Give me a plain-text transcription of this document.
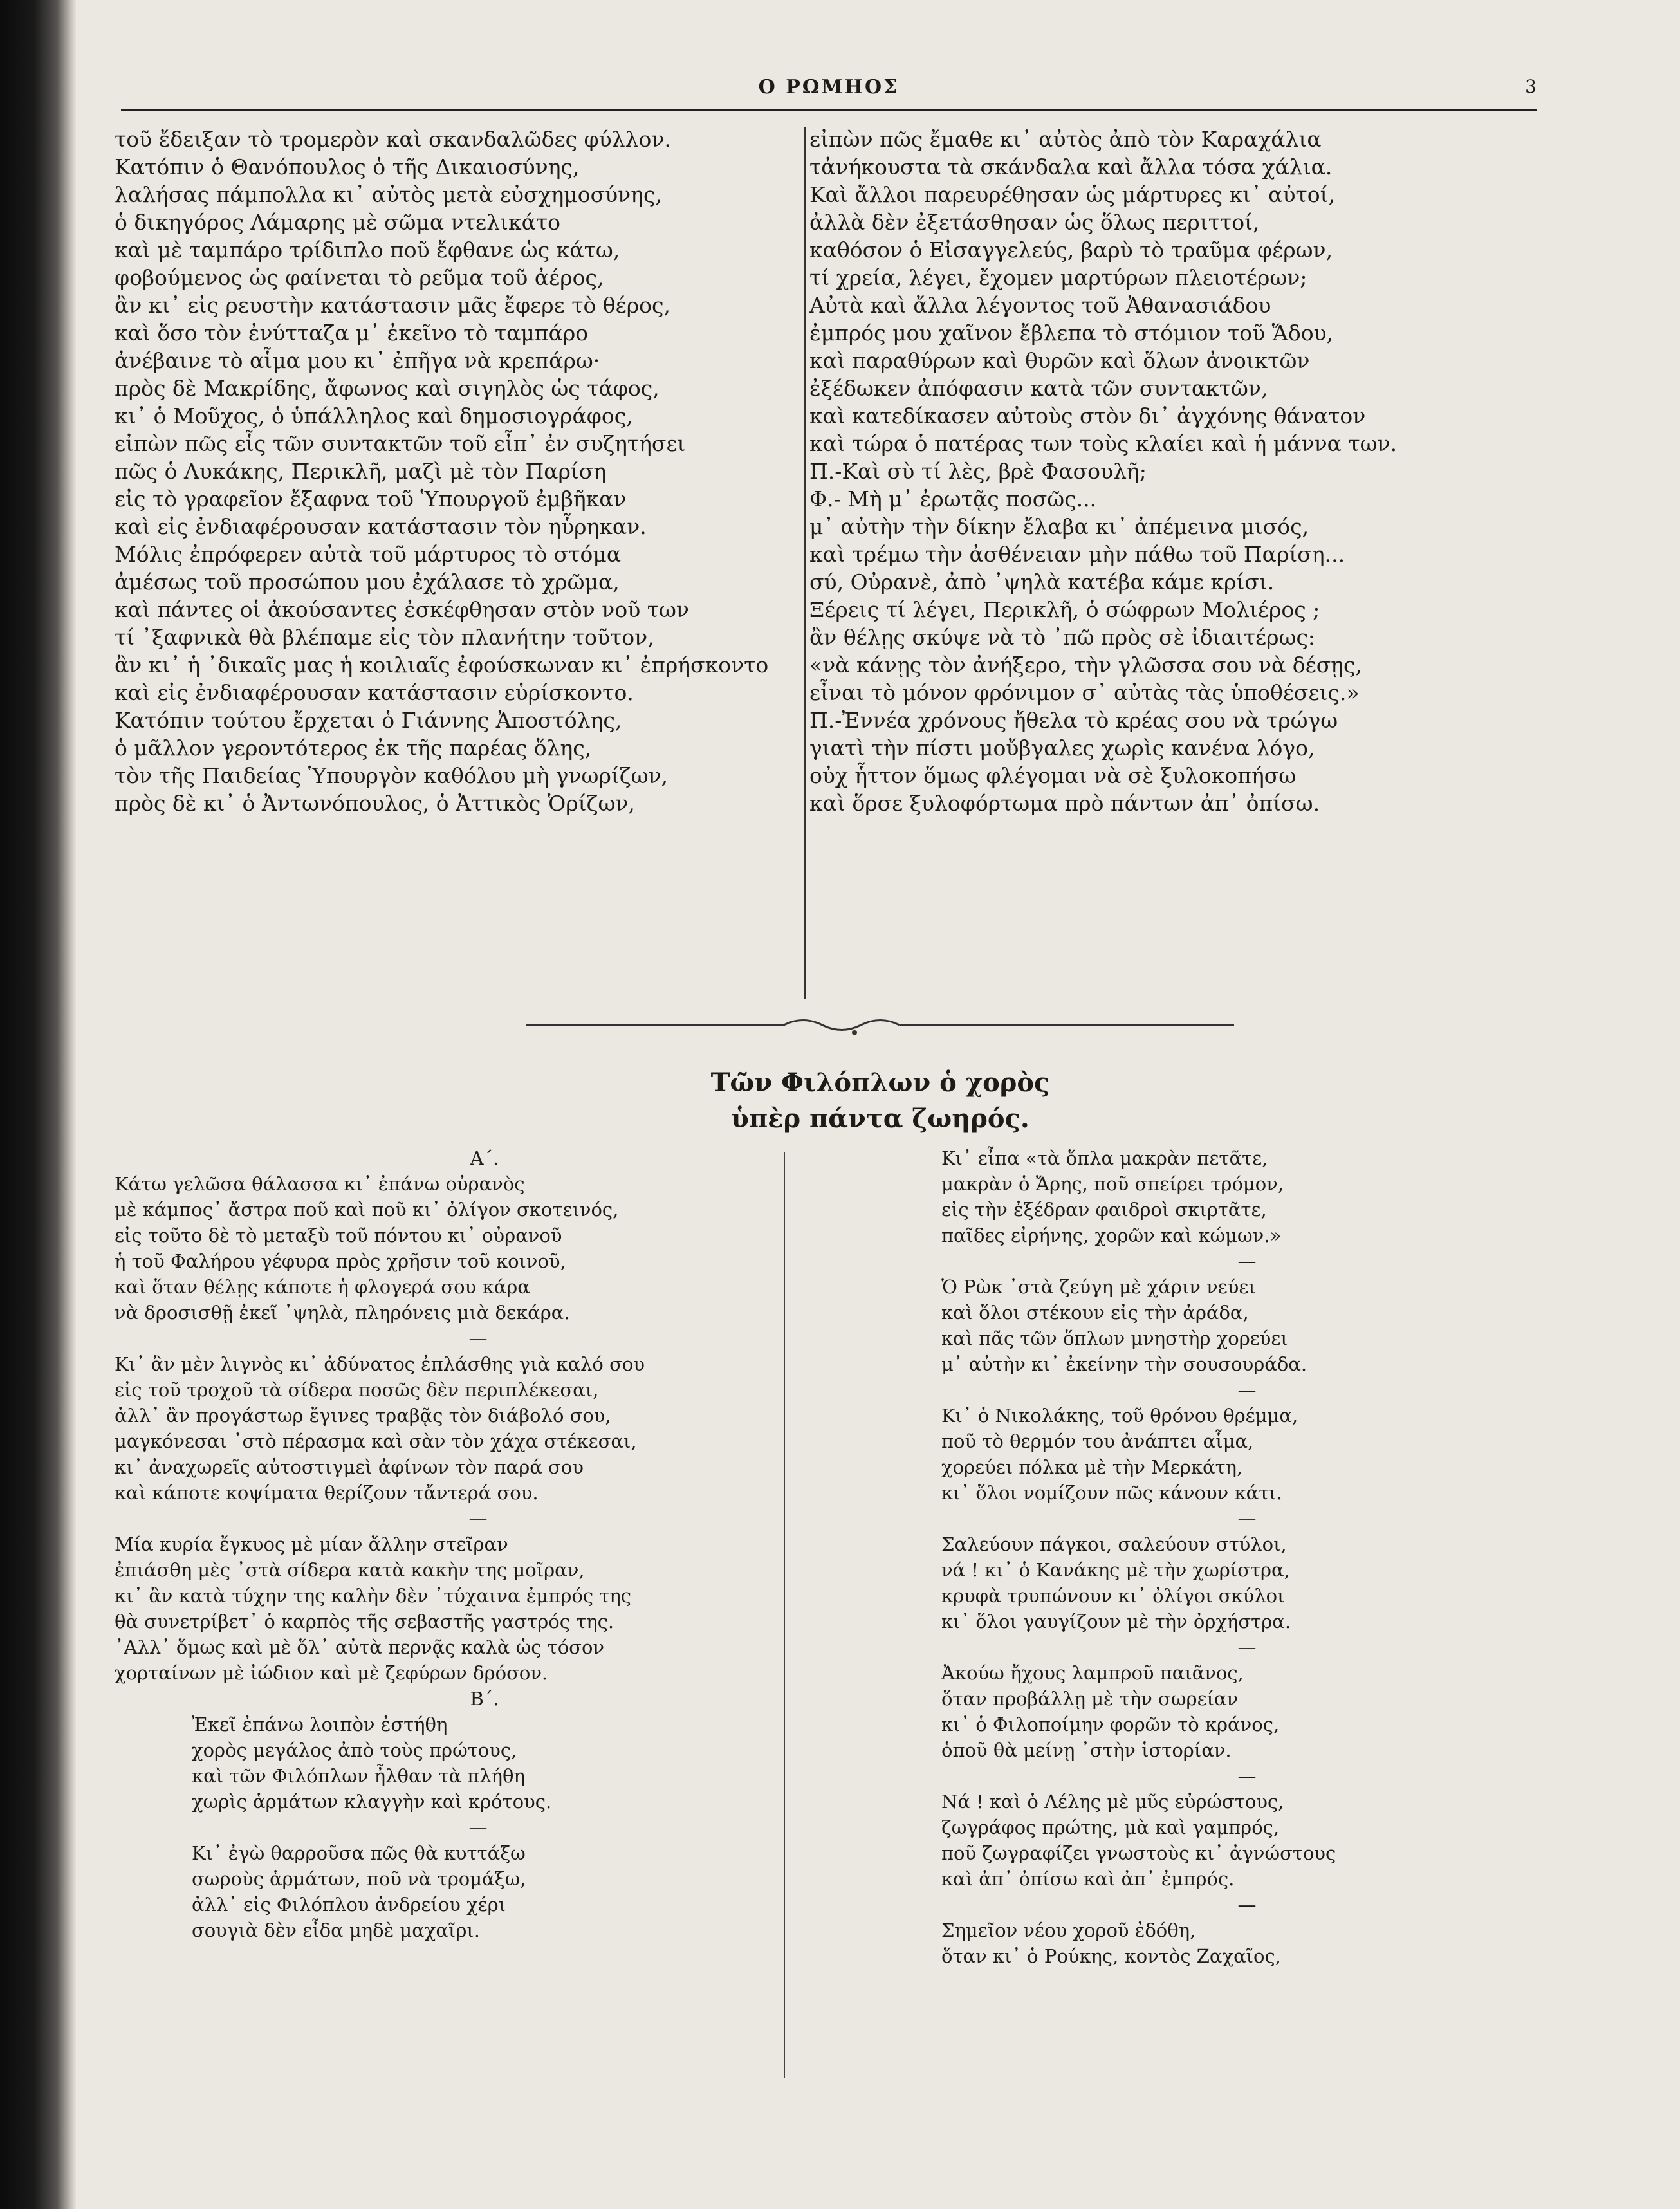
Ο ΡΩΜΗΟΣ	3
τοῦ ἔδειξαν τὸ τρομερὸν καὶ σκανδαλῶδες φύλλον.
Κατόπιν ὁ Θανόπουλος ὁ τῆς Δικαιοσύνης,
λαλήσας πάμπολλα κι᾽ αὐτὸς μετὰ εὐσχημοσύνης,
ὁ δικηγόρος Λάμαρης μὲ σῶμα ντελικάτο
καὶ μὲ ταμπάρο τρίδιπλο ποῦ ἔφθανε ὡς κάτω,
φοβούμενος ὡς φαίνεται τὸ ρεῦμα τοῦ ἀέρος,
ἂν κι᾽ εἰς ρευστὴν κατάστασιν μᾶς ἔφερε τὸ θέρος,
καὶ ὅσο τὸν ἐνύτταζα μ᾽ ἐκεῖνο τὸ ταμπάρο
ἀνέβαινε τὸ αἷμα μου κι᾽ ἐπῆγα νὰ κρεπάρω·
πρὸς δὲ Μακρίδης, ἄφωνος καὶ σιγηλὸς ὡς τάφος,
κι᾽ ὁ Μοῦχος, ὁ ὑπάλληλος καὶ δημοσιογράφος,
εἰπὼν πῶς εἷς τῶν συντακτῶν τοῦ εἶπ᾽ ἐν συζητήσει
πῶς ὁ Λυκάκης, Περικλῆ, μαζὶ μὲ τὸν Παρίση
εἰς τὸ γραφεῖον ἔξαφνα τοῦ Ὑπουργοῦ ἐμβῆκαν
καὶ εἰς ἐνδιαφέρουσαν κατάστασιν τὸν ηὗρηκαν.
Μόλις ἐπρόφερεν αὐτὰ τοῦ μάρτυρος τὸ στόμα
ἀμέσως τοῦ προσώπου μου ἐχάλασε τὸ χρῶμα,
καὶ πάντες οἱ ἀκούσαντες ἐσκέφθησαν στὸν νοῦ των
τί ᾽ξαφνικὰ θὰ βλέπαμε εἰς τὸν πλανήτην τοῦτον,
ἂν κι᾽ ἡ ᾽δικαῖς μας ἡ κοιλιαῖς ἐφούσκωναν κι᾽ ἐπρήσκοντο
καὶ εἰς ἐνδιαφέρουσαν κατάστασιν εὑρίσκοντο.
Κατόπιν τούτου ἔρχεται ὁ Γιάννης Ἀποστόλης,
ὁ μᾶλλον γεροντότερος ἐκ τῆς παρέας ὅλης,
τὸν τῆς Παιδείας Ὑπουργὸν καθόλου μὴ γνωρίζων,
πρὸς δὲ κι᾽ ὁ Ἀντωνόπουλος, ὁ Ἀττικὸς Ὁρίζων,
εἰπὼν πῶς ἔμαθε κι᾽ αὐτὸς ἀπὸ τὸν Καραχάλια
τἀνήκουστα τὰ σκάνδαλα καὶ ἄλλα τόσα χάλια.
Καὶ ἄλλοι παρευρέθησαν ὡς μάρτυρες κι᾽ αὐτοί,
ἀλλὰ δὲν ἐξετάσθησαν ὡς ὅλως περιττοί,
καθόσον ὁ Εἰσαγγελεύς, βαρὺ τὸ τραῦμα φέρων,
τί χρεία, λέγει, ἔχομεν μαρτύρων πλειοτέρων;
Αὐτὰ καὶ ἄλλα λέγοντος τοῦ Ἀθανασιάδου
ἐμπρός μου χαῖνον ἔβλεπα τὸ στόμιον τοῦ Ἅδου,
καὶ παραθύρων καὶ θυρῶν καὶ ὅλων ἀνοικτῶν
ἐξέδωκεν ἀπόφασιν κατὰ τῶν συντακτῶν,
καὶ κατεδίκασεν αὐτοὺς στὸν δι᾽ ἀγχόνης θάνατον
καὶ τώρα ὁ πατέρας των τοὺς κλαίει καὶ ἡ μάννα των.
Π.-Καὶ σὺ τί λὲς, βρὲ Φασουλῆ;
Φ.- Μὴ μ᾽ ἐρωτᾷς ποσῶς...
μ᾽ αὐτὴν τὴν δίκην ἔλαβα κι᾽ ἀπέμεινα μισός,
καὶ τρέμω τὴν ἀσθένειαν μὴν πάθω τοῦ Παρίση...
σύ, Οὐρανὲ, ἀπὸ ᾽ψηλὰ κατέβα κάμε κρίσι.
Ξέρεις τί λέγει, Περικλῆ, ὁ σώφρων Μολιέρος ;
ἂν θέλῃς σκύψε νὰ τὸ ᾽πῶ πρὸς σὲ ἰδιαιτέρως:
«νὰ κάνῃς τὸν ἀνήξερο, τὴν γλῶσσα σου νὰ δέσῃς,
εἶναι τὸ μόνον φρόνιμον σ᾽ αὐτὰς τὰς ὑποθέσεις.»
Π.-Ἐννέα χρόνους ἤθελα τὸ κρέας σου νὰ τρώγω
γιατὶ τὴν πίστι μοὔβγαλες χωρὶς κανένα λόγο,
οὐχ ἧττον ὅμως φλέγομαι νὰ σὲ ξυλοκοπήσω
καὶ ὅρσε ξυλοφόρτωμα πρὸ πάντων ἀπ᾽ ὀπίσω.
Τῶν Φιλόπλων ὁ χορὸς
ὑπὲρ πάντα ζωηρός.
Α΄.
Κάτω γελῶσα θάλασσα κι᾽ ἐπάνω οὐρανὸς
μὲ κάμπος᾽ ἄστρα ποῦ καὶ ποῦ κι᾽ ὀλίγον σκοτεινός,
εἰς τοῦτο δὲ τὸ μεταξὺ τοῦ πόντου κι᾽ οὐρανοῦ
ἡ τοῦ Φαλήρου γέφυρα πρὸς χρῆσιν τοῦ κοινοῦ,
καὶ ὅταν θέλῃς κάποτε ἡ φλογερά σου κάρα
νὰ δροσισθῇ ἐκεῖ ᾽ψηλὰ, πληρόνεις μιὰ δεκάρα.
—
Κι᾽ ἂν μὲν λιγνὸς κι᾽ ἀδύνατος ἐπλάσθης γιὰ καλό σου
εἰς τοῦ τροχοῦ τὰ σίδερα ποσῶς δὲν περιπλέκεσαι,
ἀλλ᾽ ἂν προγάστωρ ἔγινες τραβᾷς τὸν διάβολό σου,
μαγκόνεσαι ᾽στὸ πέρασμα καὶ σὰν τὸν χάχα στέκεσαι,
κι᾽ ἀναχωρεῖς αὐτοστιγμεὶ ἀφίνων τὸν παρά σου
καὶ κάποτε κοψίματα θερίζουν τἄντερά σου.
—
Μία κυρία ἔγκυος μὲ μίαν ἄλλην στεῖραν
ἐπιάσθη μὲς ᾽στὰ σίδερα κατὰ κακὴν της μοῖραν,
κι᾽ ἂν κατὰ τύχην της καλὴν δὲν ᾽τύχαινα ἐμπρός της
θὰ συνετρίβετ᾽ ὁ καρπὸς τῆς σεβαστῆς γαστρός της.
᾽Αλλ᾽ ὅμως καὶ μὲ ὅλ᾽ αὐτὰ περνᾷς καλὰ ὡς τόσον
χορταίνων μὲ ἰώδιον καὶ μὲ ζεφύρων δρόσον.
Β΄.
Ἐκεῖ ἐπάνω λοιπὸν ἐστήθη
χορὸς μεγάλος ἀπὸ τοὺς πρώτους,
καὶ τῶν Φιλόπλων ἦλθαν τὰ πλήθη
χωρὶς ἁρμάτων κλαγγὴν καὶ κρότους.
—
Κι᾽ ἐγὼ θαρροῦσα πῶς θὰ κυττάξω
σωροὺς ἁρμάτων, ποῦ νὰ τρομάξω,
ἀλλ᾽ εἰς Φιλόπλου ἀνδρείου χέρι
σουγιὰ δὲν εἶδα μηδὲ μαχαῖρι.
Κι᾽ εἶπα «τὰ ὅπλα μακρὰν πετᾶτε,
μακρὰν ὁ Ἄρης, ποῦ σπείρει τρόμον,
εἰς τὴν ἐξέδραν φαιδροὶ σκιρτᾶτε,
παῖδες εἰρήνης, χορῶν καὶ κώμων.»
—
Ὁ Ρὼκ ᾽στὰ ζεύγη μὲ χάριν νεύει
καὶ ὅλοι στέκουν εἰς τὴν ἀράδα,
καὶ πᾶς τῶν ὅπλων μνηστὴρ χορεύει
μ᾽ αὐτὴν κι᾽ ἐκείνην τὴν σουσουράδα.
—
Κι᾽ ὁ Νικολάκης, τοῦ θρόνου θρέμμα,
ποῦ τὸ θερμόν του ἀνάπτει αἷμα,
χορεύει πόλκα μὲ τὴν Μερκάτη,
κι᾽ ὅλοι νομίζουν πῶς κάνουν κάτι.
—
Σαλεύουν πάγκοι, σαλεύουν στύλοι,
νά ! κι᾽ ὁ Κανάκης μὲ τὴν χωρίστρα,
κρυφὰ τρυπώνουν κι᾽ ὀλίγοι σκύλοι
κι᾽ ὅλοι γαυγίζουν μὲ τὴν ὀρχήστρα.
—
Ἀκούω ἤχους λαμπροῦ παιᾶνος,
ὅταν προβάλλῃ μὲ τὴν σωρείαν
κι᾽ ὁ Φιλοποίμην φορῶν τὸ κράνος,
ὁποῦ θὰ μείνῃ ᾽στὴν ἱστορίαν.
—
Νά ! καὶ ὁ Λέλης μὲ μῦς εὐρώστους,
ζωγράφος πρώτης, μὰ καὶ γαμπρός,
ποῦ ζωγραφίζει γνωστοὺς κι᾽ ἀγνώστους
καὶ ἀπ᾽ ὀπίσω καὶ ἀπ᾽ ἐμπρός.
—
Σημεῖον νέου χοροῦ ἐδόθη,
ὅταν κι᾽ ὁ Ρούκης, κοντὸς Ζαχαῖος,
